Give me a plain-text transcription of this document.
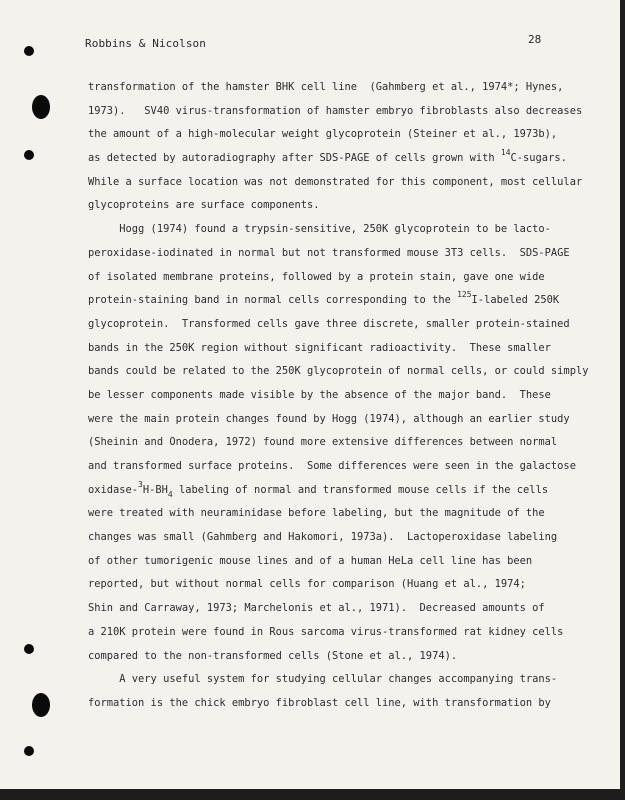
Robbins & Nicolson	28
transformation of the hamster BHK cell line  (Gahmberg et al., 1974*; Hynes,
1973).   SV40 virus-transformation of hamster embryo fibroblasts also decreases
the amount of a high-molecular weight glycoprotein (Steiner et al., 1973b),
as detected by autoradiography after SDS-PAGE of cells grown with $^{14}$C-sugars.
While a surface location was not demonstrated for this component, most cellular
glycoproteins are surface components.
Hogg (1974) found a trypsin-sensitive, 250K glycoprotein to be lacto-
peroxidase-iodinated in normal but not transformed mouse 3T3 cells.  SDS-PAGE
of isolated membrane proteins, followed by a protein stain, gave one wide
protein-staining band in normal cells corresponding to the $^{125}$I-labeled 250K
glycoprotein.  Transformed cells gave three discrete, smaller protein-stained
bands in the 250K region without significant radioactivity.  These smaller
bands could be related to the 250K glycoprotein of normal cells, or could simply
be lesser components made visible by the absence of the major band.  These
were the main protein changes found by Hogg (1974), although an earlier study
(Sheinin and Onodera, 1972) found more extensive differences between normal
and transformed surface proteins.  Some differences were seen in the galactose
oxidase-$^3H-BH_4$ labeling of normal and transformed mouse cells if the cells
were treated with neuraminidase before labeling, but the magnitude of the
changes was small (Gahmberg and Hakomori, 1973a).  Lactoperoxidase labeling
of other tumorigenic mouse lines and of a human HeLa cell line has been
reported, but without normal cells for comparison (Huang et al., 1974;
Shin and Carraway, 1973; Marchelonis et al., 1971).  Decreased amounts of
a 210K protein were found in Rous sarcoma virus-transformed rat kidney cells
compared to the non-transformed cells (Stone et al., 1974).
A very useful system for studying cellular changes accompanying trans-
formation is the chick embryo fibroblast cell line, with transformation by
